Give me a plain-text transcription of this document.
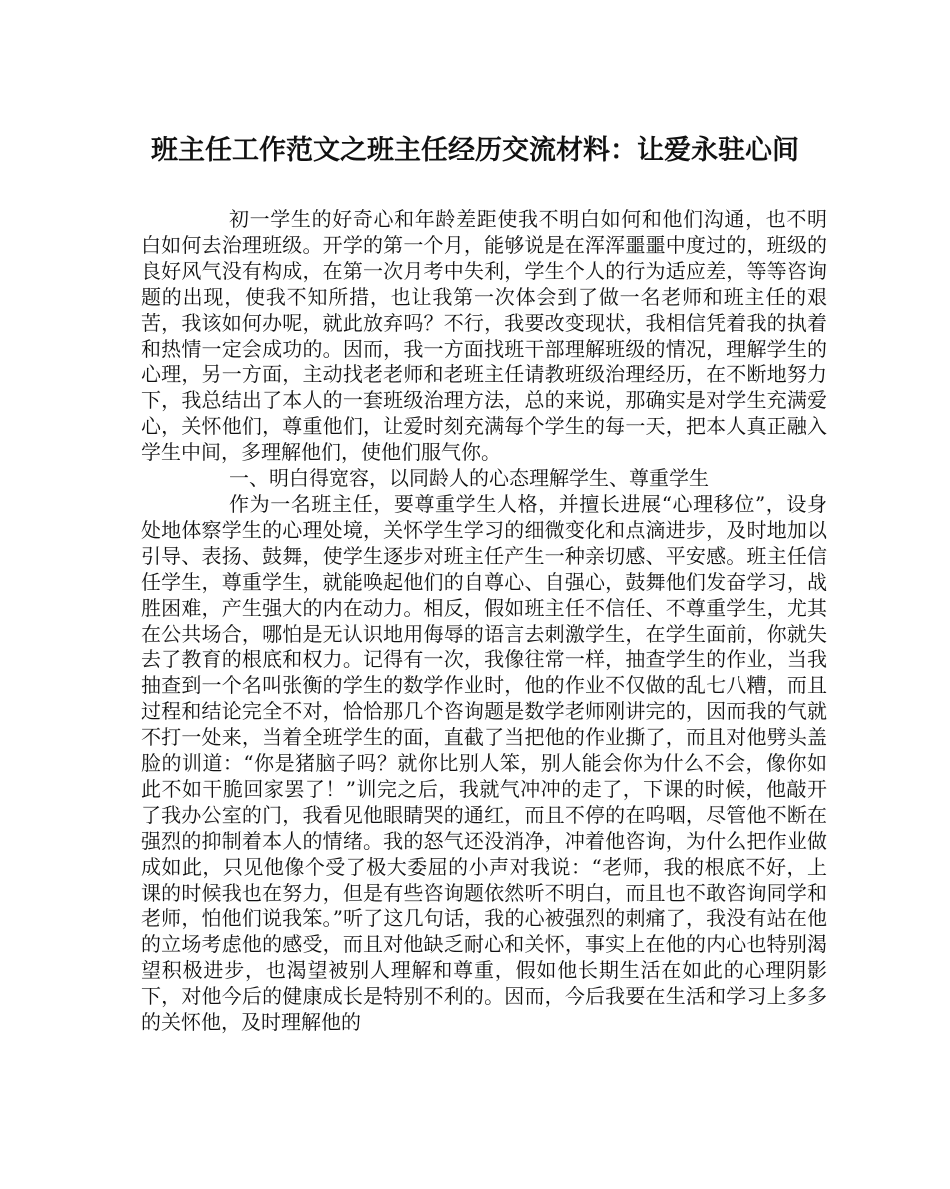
班主任工作范文之班主任经历交流材料：让爱永驻心间

初一学生的好奇心和年龄差距使我不明白如何和他们沟通，也不明白如何去治理班级。开学的第一个月，能够说是在浑浑噩噩中度过的，班级的良好风气没有构成，在第一次月考中失利，学生个人的行为适应差，等等咨询题的出现，使我不知所措，也让我第一次体会到了做一名老师和班主任的艰苦，我该如何办呢，就此放弃吗？不行，我要改变现状，我相信凭着我的执着和热情一定会成功的。因而，我一方面找班干部理解班级的情况，理解学生的心理，另一方面，主动找老老师和老班主任请教班级治理经历，在不断地努力下，我总结出了本人的一套班级治理方法，总的来说，那确实是对学生充满爱心，关怀他们，尊重他们，让爱时刻充满每个学生的每一天，把本人真正融入学生中间，多理解他们，使他们服气你。

一、明白得宽容，以同龄人的心态理解学生、尊重学生

作为一名班主任，要尊重学生人格，并擅长进展“心理移位”，设身处地体察学生的心理处境，关怀学生学习的细微变化和点滴进步，及时地加以引导、表扬、鼓舞，使学生逐步对班主任产生一种亲切感、平安感。班主任信任学生，尊重学生，就能唤起他们的自尊心、自强心，鼓舞他们发奋学习，战胜困难，产生强大的内在动力。相反，假如班主任不信任、不尊重学生，尤其在公共场合，哪怕是无认识地用侮辱的语言去刺激学生，在学生面前，你就失去了教育的根底和权力。记得有一次，我像往常一样，抽查学生的作业，当我抽查到一个名叫张衡的学生的数学作业时，他的作业不仅做的乱七八糟，而且过程和结论完全不对，恰恰那几个咨询题是数学老师刚讲完的，因而我的气就不打一处来，当着全班学生的面，直截了当把他的作业撕了，而且对他劈头盖脸的训道：“你是猪脑子吗？就你比别人笨，别人能会你为什么不会，像你如此不如干脆回家罢了！”训完之后，我就气冲冲的走了，下课的时候，他敲开了我办公室的门，我看见他眼睛哭的通红，而且不停的在呜咽，尽管他不断在强烈的抑制着本人的情绪。我的怒气还没消净，冲着他咨询，为什么把作业做成如此，只见他像个受了极大委屈的小声对我说：“老师，我的根底不好，上课的时候我也在努力，但是有些咨询题依然听不明白，而且也不敢咨询同学和老师，怕他们说我笨。”听了这几句话，我的心被强烈的刺痛了，我没有站在他的立场考虑他的感受，而且对他缺乏耐心和关怀，事实上在他的内心也特别渴望积极进步，也渴望被别人理解和尊重，假如他长期生活在如此的心理阴影下，对他今后的健康成长是特别不利的。因而，今后我要在生活和学习上多多的关怀他，及时理解他的
